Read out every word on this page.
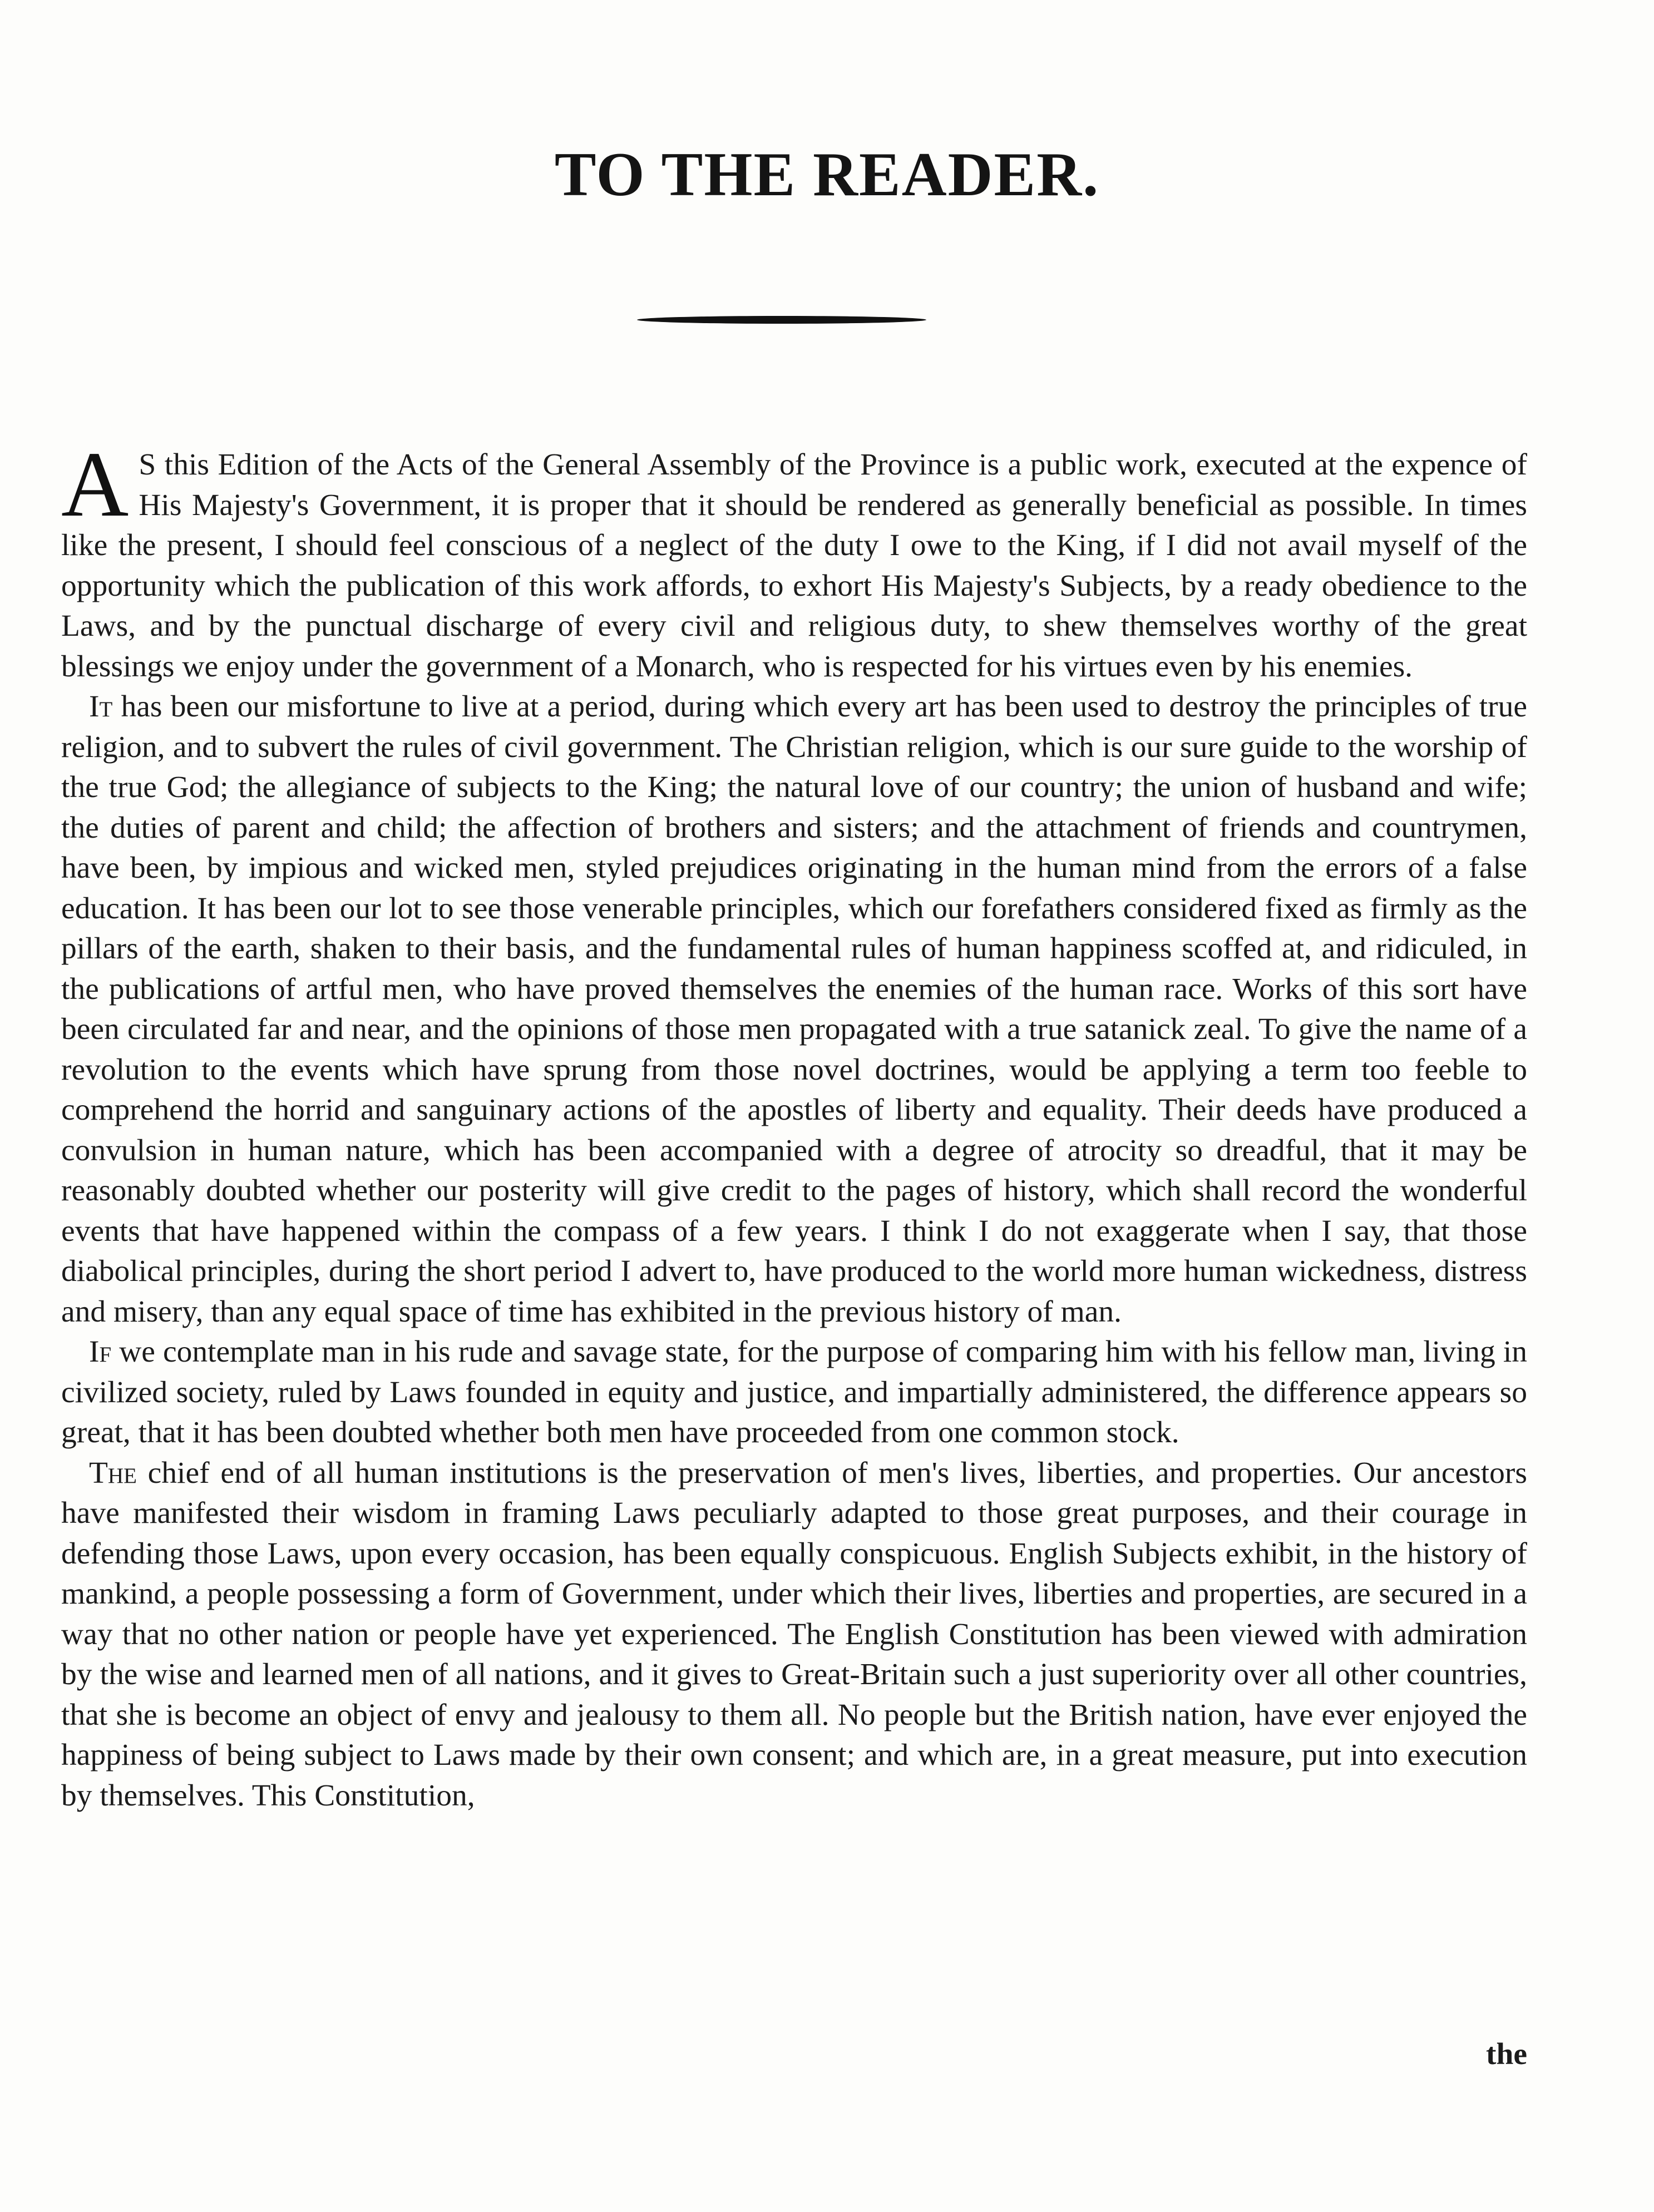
TO THE READER.

A S this Edition of the Acts of the General Assembly of the Province is a public work, executed at the expence of His Majesty's Government, it is proper that it should be rendered as generally beneficial as possible. In times like the present, I should feel conscious of a neglect of the duty I owe to the King, if I did not avail myself of the opportunity which the publication of this work affords, to exhort His Majesty's Subjects, by a ready obedience to the Laws, and by the punctual discharge of every civil and religious duty, to shew themselves worthy of the great blessings we enjoy under the government of a Monarch, who is respected for his virtues even by his enemies.

It has been our misfortune to live at a period, during which every art has been used to destroy the principles of true religion, and to subvert the rules of civil government. The Christian religion, which is our sure guide to the worship of the true God; the allegiance of subjects to the King; the natural love of our country; the union of husband and wife; the duties of parent and child; the affection of brothers and sisters; and the attachment of friends and countrymen, have been, by impious and wicked men, styled prejudices originating in the human mind from the errors of a false education. It has been our lot to see those venerable principles, which our forefathers considered fixed as firmly as the pillars of the earth, shaken to their basis, and the fundamental rules of human happiness scoffed at, and ridiculed, in the publications of artful men, who have proved themselves the enemies of the human race. Works of this sort have been circulated far and near, and the opinions of those men propagated with a true satanick zeal. To give the name of a revolution to the events which have sprung from those novel doctrines, would be applying a term too feeble to comprehend the horrid and sanguinary actions of the apostles of liberty and equality. Their deeds have produced a convulsion in human nature, which has been accompanied with a degree of atrocity so dreadful, that it may be reasonably doubted whether our posterity will give credit to the pages of history, which shall record the wonderful events that have happened within the compass of a few years. I think I do not exaggerate when I say, that those diabolical principles, during the short period I advert to, have produced to the world more human wickedness, distress and misery, than any equal space of time has exhibited in the previous history of man.

If we contemplate man in his rude and savage state, for the purpose of comparing him with his fellow man, living in civilized society, ruled by Laws founded in equity and justice, and impartially administered, the difference appears so great, that it has been doubted whether both men have proceeded from one common stock.

The chief end of all human institutions is the preservation of men's lives, liberties, and properties. Our ancestors have manifested their wisdom in framing Laws peculiarly adapted to those great purposes, and their courage in defending those Laws, upon every occasion, has been equally conspicuous. English Subjects exhibit, in the history of mankind, a people possessing a form of Government, under which their lives, liberties and properties, are secured in a way that no other nation or people have yet experienced. The English Constitution has been viewed with admiration by the wise and learned men of all nations, and it gives to Great-Britain such a just superiority over all other countries, that she is become an object of envy and jealousy to them all. No people but the British nation, have ever enjoyed the happiness of being subject to Laws made by their own consent; and which are, in a great measure, put into execution by themselves. This Constitution,

the
